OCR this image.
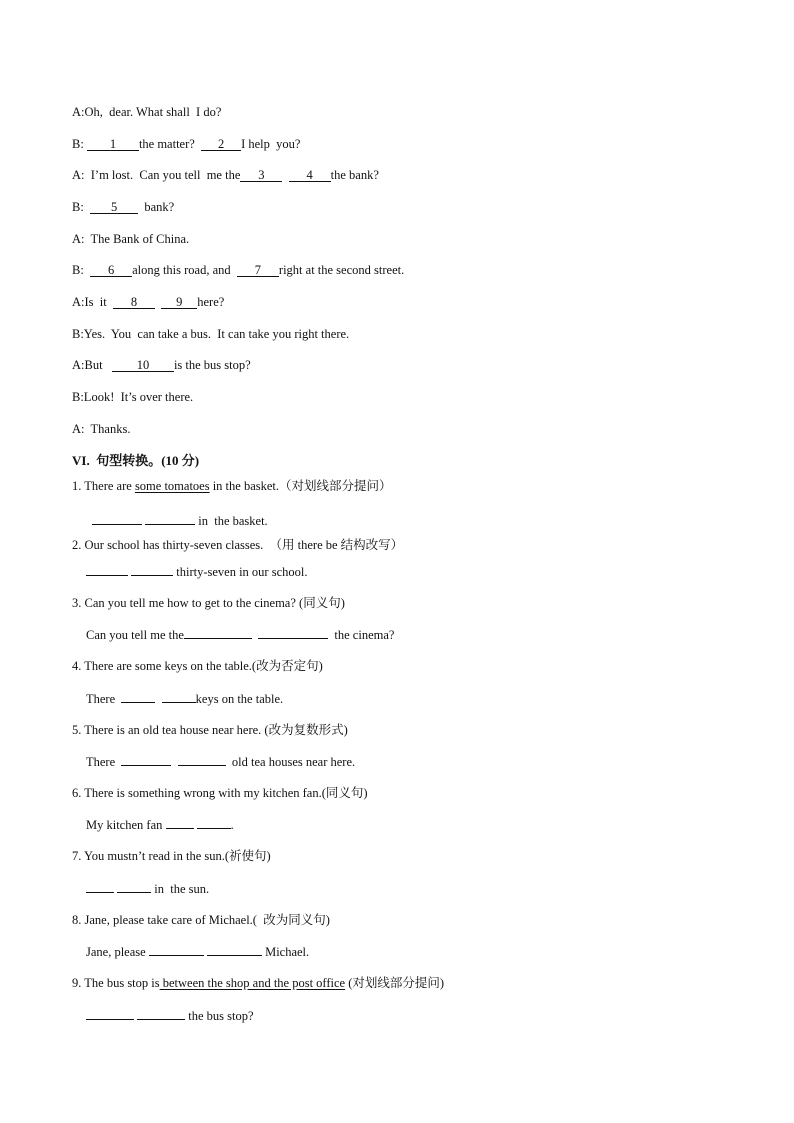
A:Oh,  dear. What shall  I do?
B: 1 the matter?  2 I help  you?
A:  I’m lost.  Can you tell  me the 3	4 the bank?
B:  5  bank?
A:  The Bank of China.
B:  6 along this road, and  7 right at the second street.
A:Is  it  8	9 here?
B:Yes.  You  can take a bus.  It can take you right there.
A:But   10 is the bus stop?
B:Look!  It’s over there.
A:  Thanks.
VI.  句型转换。(10 分)
1. There are some tomatoes in the basket.（对划线部分提问）
in  the basket.
2. Our school has thirty-seven classes.  （用 there be 结构改写）
thirty-seven in our school.
3. Can you tell me how to get to the cinema? (同义句)
Can you tell me the	the cinema?
4. There are some keys on the table.(改为否定句)
There	keys on the table.
5. There is an old tea house near here. (改为复数形式)
There	old tea houses near here.
6. There is something wrong with my kitchen fan.(同义句)
My kitchen fan	.
7. You mustn’t read in the sun.(祈使句)
in  the sun.
8. Jane, please take care of Michael.(  改为同义句)
Jane, please	Michael.
9. The bus stop is between the shop and the post office (对划线部分提问)
the bus stop?
